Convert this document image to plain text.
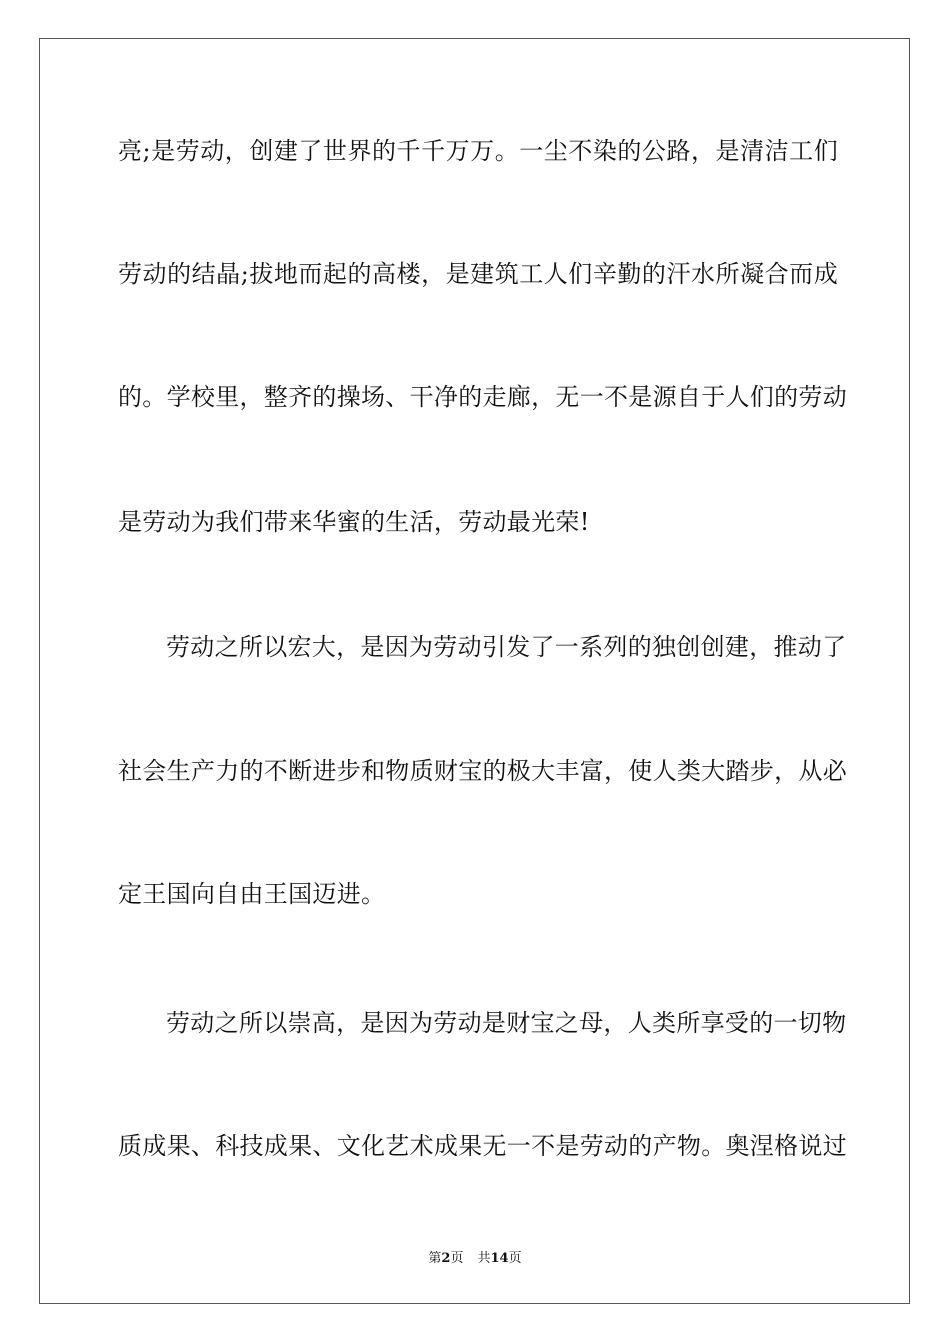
亮;是劳动，创建了世界的千千万万。一尘不染的公路，是清洁工们
劳动的结晶;拔地而起的高楼，是建筑工人们辛勤的汗水所凝合而成
的。学校里，整齐的操场、干净的走廊，无一不是源自于人们的劳动
是劳动为我们带来华蜜的生活，劳动最光荣!
劳动之所以宏大，是因为劳动引发了一系列的独创创建，推动了
社会生产力的不断进步和物质财宝的极大丰富，使人类大踏步，从必
定王国向自由王国迈进。
劳动之所以崇高，是因为劳动是财宝之母，人类所享受的一切物
质成果、科技成果、文化艺术成果无一不是劳动的产物。奥涅格说过
第2页 共14页
